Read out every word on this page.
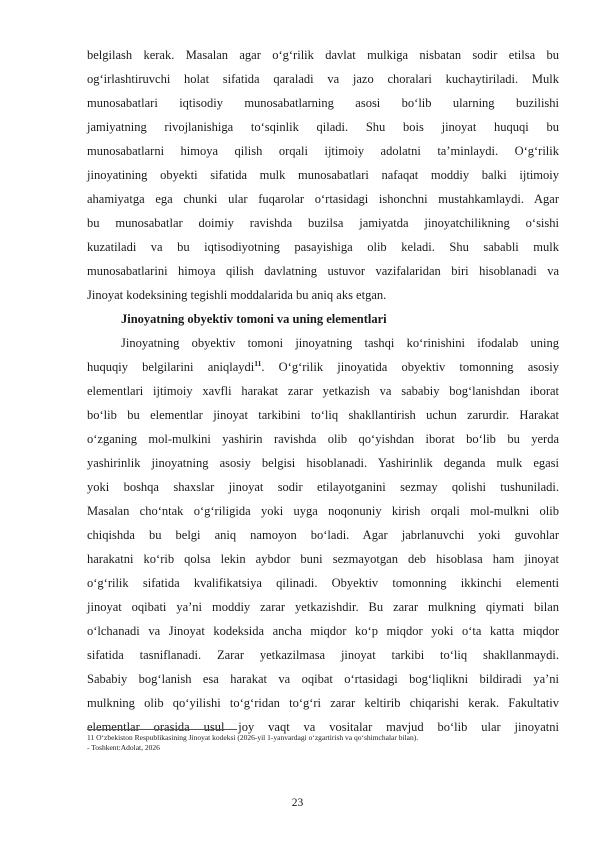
belgilash kerak. Masalan agar o‘g‘rilik davlat mulkiga nisbatan sodir etilsa bu
og‘irlashtiruvchi holat sifatida qaraladi va jazo choralari kuchaytiriladi. Mulk
munosabatlari iqtisodiy munosabatlarning asosi bo‘lib ularning buzilishi
jamiyatning rivojlanishiga to‘sqinlik qiladi. Shu bois jinoyat huquqi bu
munosabatlarni himoya qilish orqali ijtimoiy adolatni ta’minlaydi. O‘g‘rilik
jinoyatining obyekti sifatida mulk munosabatlari nafaqat moddiy balki ijtimoiy
ahamiyatga ega chunki ular fuqarolar o‘rtasidagi ishonchni mustahkamlaydi. Agar
bu munosabatlar doimiy ravishda buzilsa jamiyatda jinoyatchilikning o‘sishi
kuzatiladi va bu iqtisodiyotning pasayishiga olib keladi. Shu sababli mulk
munosabatlarini himoya qilish davlatning ustuvor vazifalaridan biri hisoblanadi va
Jinoyat kodeksining tegishli moddalarida bu aniq aks etgan.
Jinoyatning obyektiv tomoni va uning elementlari
Jinoyatning obyektiv tomoni jinoyatning tashqi ko‘rinishini ifodalab uning
huquqiy belgilarini aniqlaydi$^{11}$. O‘g‘rilik jinoyatida obyektiv tomonning asosiy
elementlari ijtimoiy xavfli harakat zarar yetkazish va sababiy bog‘lanishdan iborat
bo‘lib bu elementlar jinoyat tarkibini to‘liq shakllantirish uchun zarurdir. Harakat
o‘zganing mol-mulkini yashirin ravishda olib qo‘yishdan iborat bo‘lib bu yerda
yashirinlik jinoyatning asosiy belgisi hisoblanadi. Yashirinlik deganda mulk egasi
yoki boshqa shaxslar jinoyat sodir etilayotganini sezmay qolishi tushuniladi.
Masalan cho‘ntak o‘g‘riligida yoki uyga noqonuniy kirish orqali mol-mulkni olib
chiqishda bu belgi aniq namoyon bo‘ladi. Agar jabrlanuvchi yoki guvohlar
harakatni ko‘rib qolsa lekin aybdor buni sezmayotgan deb hisoblasa ham jinoyat
o‘g‘rilik sifatida kvalifikatsiya qilinadi. Obyektiv tomonning ikkinchi elementi
jinoyat oqibati ya’ni moddiy zarar yetkazishdir. Bu zarar mulkning qiymati bilan
o‘lchanadi va Jinoyat kodeksida ancha miqdor ko‘p miqdor yoki o‘ta katta miqdor
sifatida tasniflanadi. Zarar yetkazilmasa jinoyat tarkibi to‘liq shakllanmaydi.
Sababiy bog‘lanish esa harakat va oqibat o‘rtasidagi bog‘liqlikni bildiradi ya’ni
mulkning olib qo‘yilishi to‘g‘ridan to‘g‘ri zarar keltirib chiqarishi kerak. Fakultativ
elementlar orasida usul joy vaqt va vositalar mavjud bo‘lib ular jinoyatni
11 O‘zbekiston Respublikasining Jinoyat kodeksi (2026-yil 1-yanvardagi o‘zgartirish va qo‘shimchalar bilan).
- Toshkent:Adolat, 2026
23
